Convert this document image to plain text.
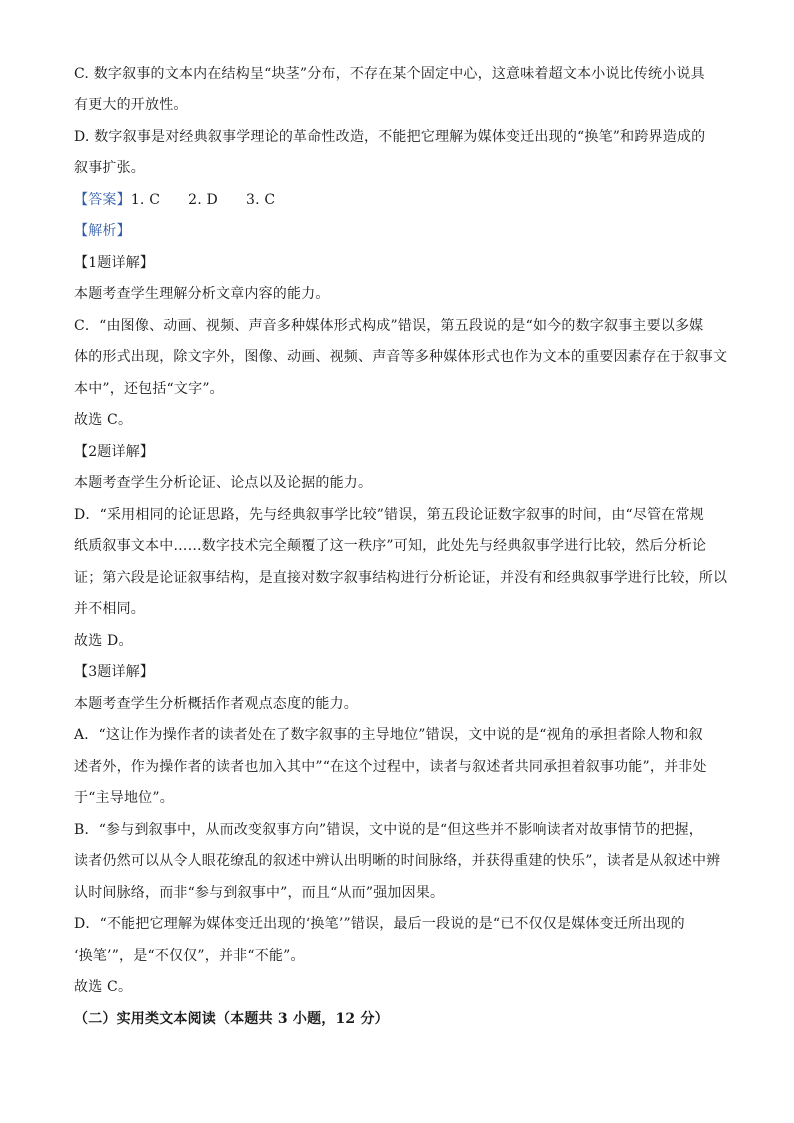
C. 数字叙事的文本内在结构呈“块茎”分布，不存在某个固定中心，这意味着超文本小说比传统小说具
有更大的开放性。
D. 数字叙事是对经典叙事学理论的革命性改造，不能把它理解为媒体变迁出现的“换笔”和跨界造成的
叙事扩张。
【答案】1. C 2. D 3. C
【解析】
【1题详解】
本题考查学生理解分析文章内容的能力。
C．“由图像、动画、视频、声音多种媒体形式构成”错误，第五段说的是“如今的数字叙事主要以多媒
体的形式出现，除文字外，图像、动画、视频、声音等多种媒体形式也作为文本的重要因素存在于叙事文
本中”，还包括“文字”。
故选 C。
【2题详解】
本题考查学生分析论证、论点以及论据的能力。
D．“采用相同的论证思路，先与经典叙事学比较”错误，第五段论证数字叙事的时间，由“尽管在常规
纸质叙事文本中……数字技术完全颠覆了这一秩序”可知，此处先与经典叙事学进行比较，然后分析论
证；第六段是论证叙事结构，是直接对数字叙事结构进行分析论证，并没有和经典叙事学进行比较，所以
并不相同。
故选 D。
【3题详解】
本题考查学生分析概括作者观点态度的能力。
A．“这让作为操作者的读者处在了数字叙事的主导地位”错误，文中说的是“视角的承担者除人物和叙
述者外，作为操作者的读者也加入其中”“在这个过程中，读者与叙述者共同承担着叙事功能”，并非处
于“主导地位”。
B．“参与到叙事中，从而改变叙事方向”错误，文中说的是“但这些并不影响读者对故事情节的把握，
读者仍然可以从令人眼花缭乱的叙述中辨认出明晰的时间脉络，并获得重建的快乐”，读者是从叙述中辨
认时间脉络，而非“参与到叙事中”，而且“从而”强加因果。
D．“不能把它理解为媒体变迁出现的‘换笔’”错误，最后一段说的是“已不仅仅是媒体变迁所出现的
‘换笔’”，是“不仅仅”，并非“不能”。
故选 C。
（二）实用类文本阅读（本题共 3 小题，12 分）
